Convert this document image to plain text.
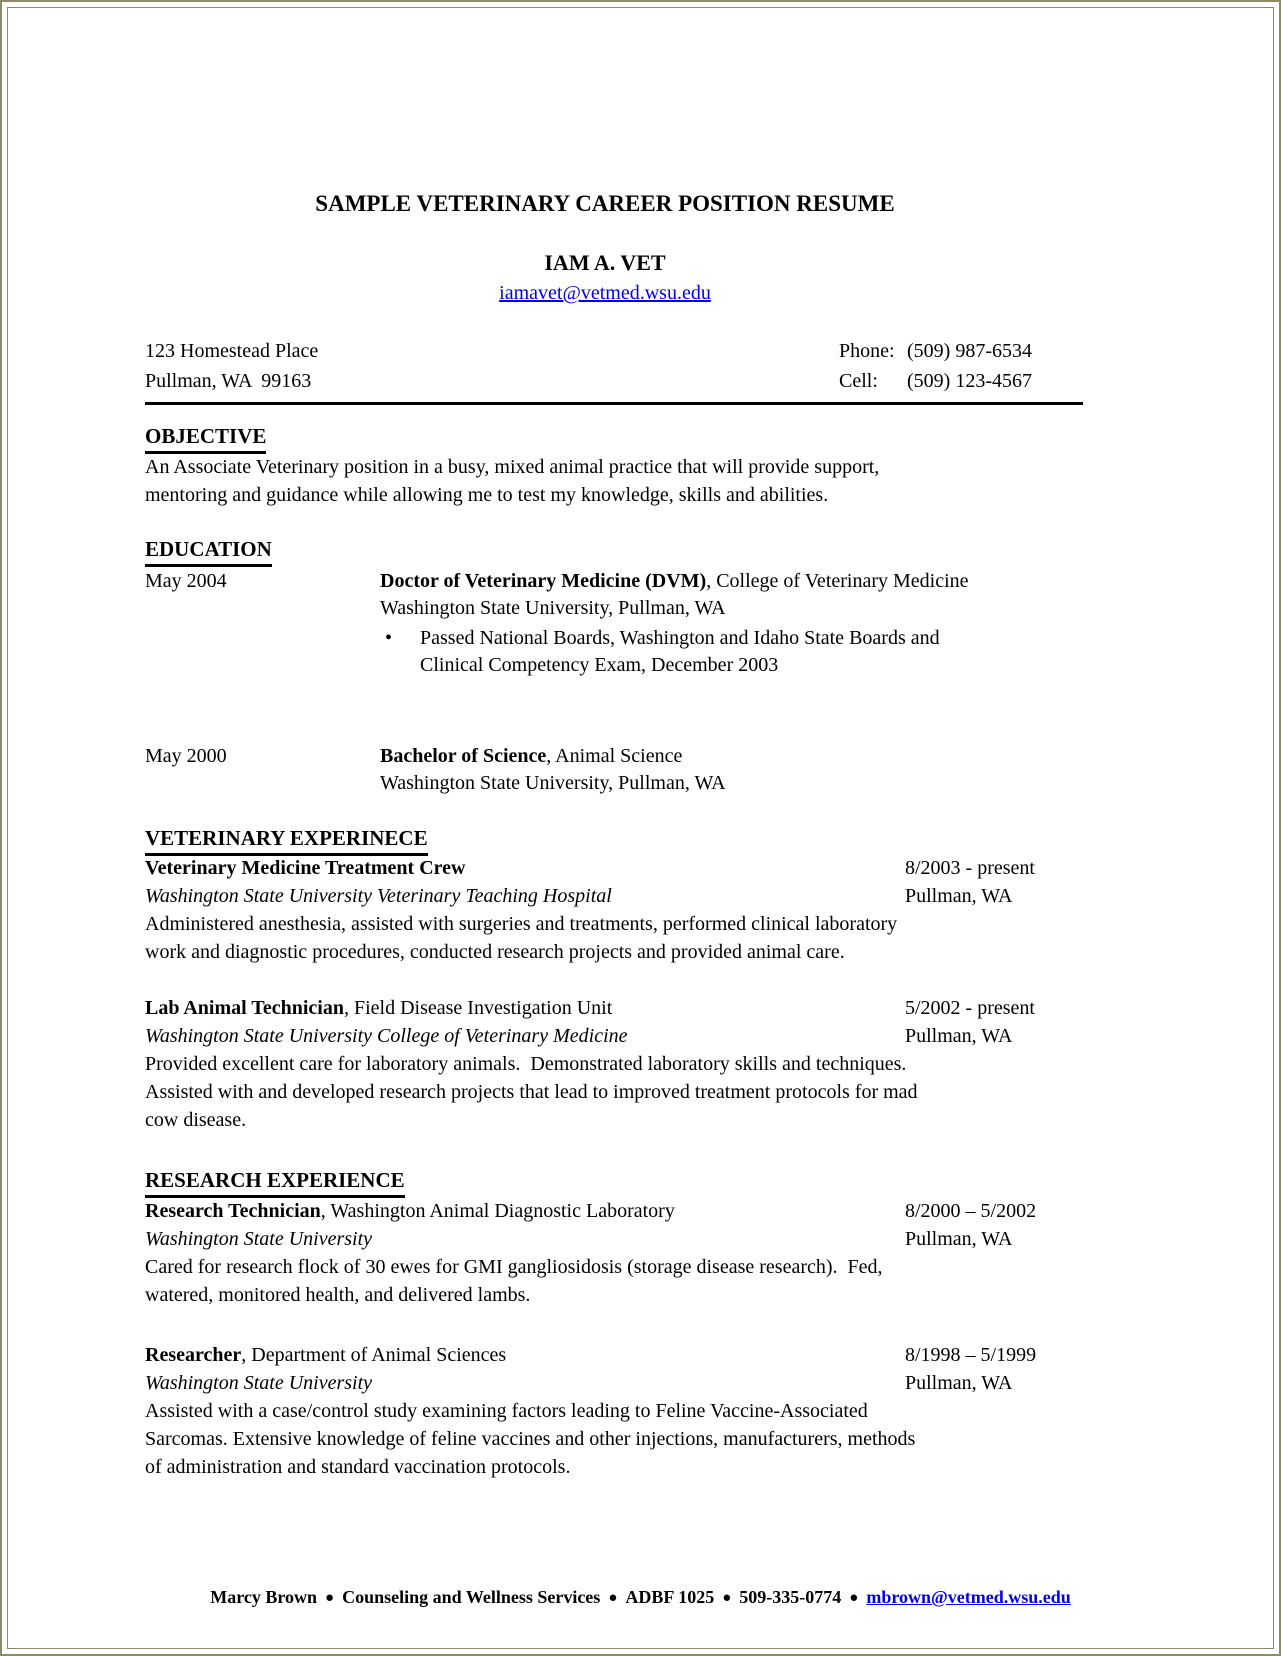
SAMPLE VETERINARY CAREER POSITION RESUME
IAM A. VET
iamavet@vetmed.wsu.edu
123 Homestead Place
Pullman, WA  99163
Phone: (509) 987-6534
Cell: (509) 123-4567
OBJECTIVE
An Associate Veterinary position in a busy, mixed animal practice that will provide support,
mentoring and guidance while allowing me to test my knowledge, skills and abilities.
EDUCATION
May 2004	Doctor of Veterinary Medicine (DVM), College of Veterinary Medicine
Washington State University, Pullman, WA
•	Passed National Boards, Washington and Idaho State Boards and
Clinical Competency Exam, December 2003
May 2000	Bachelor of Science, Animal Science
Washington State University, Pullman, WA
VETERINARY EXPERINECE
Veterinary Medicine Treatment Crew	8/2003 - present
Washington State University Veterinary Teaching Hospital	Pullman, WA
Administered anesthesia, assisted with surgeries and treatments, performed clinical laboratory
work and diagnostic procedures, conducted research projects and provided animal care.
Lab Animal Technician, Field Disease Investigation Unit	5/2002 - present
Washington State University College of Veterinary Medicine	Pullman, WA
Provided excellent care for laboratory animals.  Demonstrated laboratory skills and techniques.
Assisted with and developed research projects that lead to improved treatment protocols for mad
cow disease.
RESEARCH EXPERIENCE
Research Technician, Washington Animal Diagnostic Laboratory	8/2000 – 5/2002
Washington State University	Pullman, WA
Cared for research flock of 30 ewes for GMI gangliosidosis (storage disease research).  Fed,
watered, monitored health, and delivered lambs.
Researcher, Department of Animal Sciences	8/1998 – 5/1999
Washington State University	Pullman, WA
Assisted with a case/control study examining factors leading to Feline Vaccine-Associated
Sarcomas. Extensive knowledge of feline vaccines and other injections, manufacturers, methods
of administration and standard vaccination protocols.
Marcy Brown ● Counseling and Wellness Services ● ADBF 1025 ● 509-335-0774 ● mbrown@vetmed.wsu.edu
